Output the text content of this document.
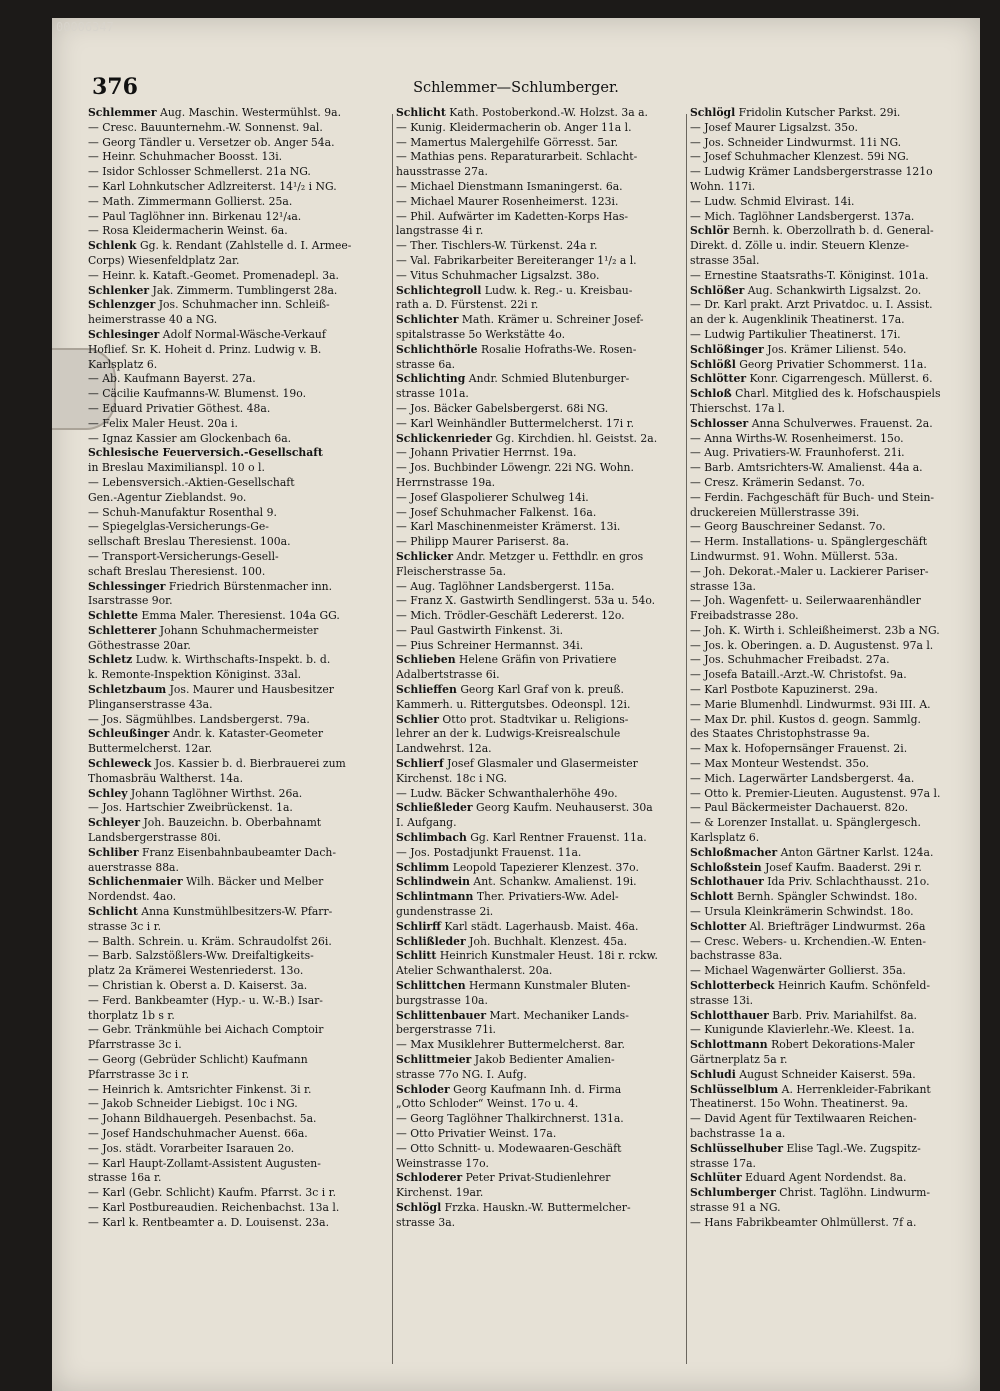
00006347
376	Schlemmer—Schlumberger.
Schlemmer Aug. Maschin. Westermühlst. 9a.
— Cresc. Bauunternehm.-W. Sonnenst. 9al.
— Georg Tändler u. Versetzer ob. Anger 54a.
— Heinr. Schuhmacher Boosst. 13i.
— Isidor Schlosser Schmellerst. 21a NG.
— Karl Lohnkutscher Adlzreiterst. 14¹/₂ i NG.
— Math. Zimmermann Gollierst. 25a.
— Paul Taglöhner inn. Birkenau 12¹/₄a.
— Rosa Kleidermacherin Weinst. 6a.
Schlenk Gg. k. Rendant (Zahlstelle d. I. Armee-
Corps) Wiesenfeldplatz 2ar.
— Heinr. k. Kataft.-Geomet. Promenadepl. 3a.
Schlenker Jak. Zimmerm. Tumblingerst 28a.
Schlenzger Jos. Schuhmacher inn. Schleiß-
heimerstrasse 40 a NG.
Schlesinger Adolf Normal-Wäsche-Verkauf
Hoflief. Sr. K. Hoheit d. Prinz. Ludwig v. B.
Karlsplatz 6.
— Ab. Kaufmann Bayerst. 27a.
— Cäcilie Kaufmanns-W. Blumenst. 19o.
— Eduard Privatier Göthest. 48a.
— Felix Maler Heust. 20a i.
— Ignaz Kassier am Glockenbach 6a.
Schlesische Feuerversich.-Gesellschaft
in Breslau Maximilianspl. 10 o l.
— Lebensversich.-Aktien-Gesellschaft
Gen.-Agentur Zieblandst. 9o.
— Schuh-Manufaktur Rosenthal 9.
— Spiegelglas-Versicherungs-Ge-
sellschaft Breslau Theresienst. 100a.
— Transport-Versicherungs-Gesell-
schaft Breslau Theresienst. 100.
Schlessinger Friedrich Bürstenmacher inn.
Isarstrasse 9or.
Schlette Emma Maler. Theresienst. 104a GG.
Schletterer Johann Schuhmachermeister
Göthestrasse 20ar.
Schletz Ludw. k. Wirthschafts-Inspekt. b. d.
k. Remonte-Inspektion Königinst. 33al.
Schletzbaum Jos. Maurer und Hausbesitzer
Plinganserstrasse 43a.
— Jos. Sägmühlbes. Landsbergerst. 79a.
Schleußinger Andr. k. Kataster-Geometer
Buttermelcherst. 12ar.
Schleweck Jos. Kassier b. d. Bierbrauerei zum
Thomasbräu Waltherst. 14a.
Schley Johann Taglöhner Wirthst. 26a.
— Jos. Hartschier Zweibrückenst. 1a.
Schleyer Joh. Bauzeichn. b. Oberbahnamt
Landsbergerstrasse 80i.
Schliber Franz Eisenbahnbaubeamter Dach-
auerstrasse 88a.
Schlichenmaier Wilh. Bäcker und Melber
Nordendst. 4ao.
Schlicht Anna Kunstmühlbesitzers-W. Pfarr-
strasse 3c i r.
— Balth. Schrein. u. Kräm. Schraudolfst 26i.
— Barb. Salzstößlers-Ww. Dreifaltigkeits-
platz 2a Krämerei Westenriederst. 13o.
— Christian k. Oberst a. D. Kaiserst. 3a.
— Ferd. Bankbeamter (Hyp.- u. W.-B.) Isar-
thorplatz 1b s r.
— Gebr. Tränkmühle bei Aichach Comptoir
Pfarrstrasse 3c i.
— Georg (Gebrüder Schlicht) Kaufmann
Pfarrstrasse 3c i r.
— Heinrich k. Amtsrichter Finkenst. 3i r.
— Jakob Schneider Liebigst. 10c i NG.
— Johann Bildhauergeh. Pesenbachst. 5a.
— Josef Handschuhmacher Auenst. 66a.
— Jos. städt. Vorarbeiter Isarauen 2o.
— Karl Haupt-Zollamt-Assistent Augusten-
strasse 16a r.
— Karl (Gebr. Schlicht) Kaufm. Pfarrst. 3c i r.
— Karl Postbureaudien. Reichenbachst. 13a l.
— Karl k. Rentbeamter a. D. Louisenst. 23a.
Schlicht Kath. Postoberkond.-W. Holzst. 3a a.
— Kunig. Kleidermacherin ob. Anger 11a l.
— Mamertus Malergehilfe Görresst. 5ar.
— Mathias pens. Reparaturarbeit. Schlacht-
hausstrasse 27a.
— Michael Dienstmann Ismaningerst. 6a.
— Michael Maurer Rosenheimerst. 123i.
— Phil. Aufwärter im Kadetten-Korps Has-
langstrasse 4i r.
— Ther. Tischlers-W. Türkenst. 24a r.
— Val. Fabrikarbeiter Bereiteranger 1¹/₂ a l.
— Vitus Schuhmacher Ligsalzst. 38o.
Schlichtegroll Ludw. k. Reg.- u. Kreisbau-
rath a. D. Fürstenst. 22i r.
Schlichter Math. Krämer u. Schreiner Josef-
spitalstrasse 5o Werkstätte 4o.
Schlichthörle Rosalie Hofraths-We. Rosen-
strasse 6a.
Schlichting Andr. Schmied Blutenburger-
strasse 101a.
— Jos. Bäcker Gabelsbergerst. 68i NG.
— Karl Weinhändler Buttermelcherst. 17i r.
Schlickenrieder Gg. Kirchdien. hl. Geistst. 2a.
— Johann Privatier Herrnst. 19a.
— Jos. Buchbinder Löwengr. 22i NG. Wohn.
Herrnstrasse 19a.
— Josef Glaspolierer Schulweg 14i.
— Josef Schuhmacher Falkenst. 16a.
— Karl Maschinenmeister Krämerst. 13i.
— Philipp Maurer Pariserst. 8a.
Schlicker Andr. Metzger u. Fetthdlr. en gros
Fleischerstrasse 5a.
— Aug. Taglöhner Landsbergerst. 115a.
— Franz X. Gastwirth Sendlingerst. 53a u. 54o.
— Mich. Trödler-Geschäft Ledererst. 12o.
— Paul Gastwirth Finkenst. 3i.
— Pius Schreiner Hermannst. 34i.
Schlieben Helene Gräfin von Privatiere
Adalbertstrasse 6i.
Schlieffen Georg Karl Graf von k. preuß.
Kammerh. u. Rittergutsbes. Odeonspl. 12i.
Schlier Otto prot. Stadtvikar u. Religions-
lehrer an der k. Ludwigs-Kreisrealschule
Landwehrst. 12a.
Schlierf Josef Glasmaler und Glasermeister
Kirchenst. 18c i NG.
— Ludw. Bäcker Schwanthalerhöhe 49o.
Schließleder Georg Kaufm. Neuhauserst. 30a
I. Aufgang.
Schlimbach Gg. Karl Rentner Frauenst. 11a.
— Jos. Postadjunkt Frauenst. 11a.
Schlimm Leopold Tapezierer Klenzest. 37o.
Schlindwein Ant. Schankw. Amalienst. 19i.
Schlintmann Ther. Privatiers-Ww. Adel-
gundenstrasse 2i.
Schlirff Karl städt. Lagerhausb. Maist. 46a.
Schlißleder Joh. Buchhalt. Klenzest. 45a.
Schlitt Heinrich Kunstmaler Heust. 18i r. rckw.
Atelier Schwanthalerst. 20a.
Schlittchen Hermann Kunstmaler Bluten-
burgstrasse 10a.
Schlittenbauer Mart. Mechaniker Lands-
bergerstrasse 71i.
— Max Musiklehrer Buttermelcherst. 8ar.
Schlittmeier Jakob Bedienter Amalien-
strasse 77o NG. I. Aufg.
Schloder Georg Kaufmann Inh. d. Firma
„Otto Schloder“ Weinst. 17o u. 4.
— Georg Taglöhner Thalkirchnerst. 131a.
— Otto Privatier Weinst. 17a.
— Otto Schnitt- u. Modewaaren-Geschäft
Weinstrasse 17o.
Schloderer Peter Privat-Studienlehrer
Kirchenst. 19ar.
Schlögl Frzka. Hauskn.-W. Buttermelcher-
strasse 3a.
Schlögl Fridolin Kutscher Parkst. 29i.
— Josef Maurer Ligsalzst. 35o.
— Jos. Schneider Lindwurmst. 11i NG.
— Josef Schuhmacher Klenzest. 59i NG.
— Ludwig Krämer Landsbergerstrasse 121o
Wohn. 117i.
— Ludw. Schmid Elvirast. 14i.
— Mich. Taglöhner Landsbergerst. 137a.
Schlör Bernh. k. Oberzollrath b. d. General-
Direkt. d. Zölle u. indir. Steuern Klenze-
strasse 35al.
— Ernestine Staatsraths-T. Königinst. 101a.
Schlößer Aug. Schankwirth Ligsalzst. 2o.
— Dr. Karl prakt. Arzt Privatdoc. u. I. Assist.
an der k. Augenklinik Theatinerst. 17a.
— Ludwig Partikulier Theatinerst. 17i.
Schlößinger Jos. Krämer Lilienst. 54o.
Schlößl Georg Privatier Schommerst. 11a.
Schlötter Konr. Cigarrengesch. Müllerst. 6.
Schloß Charl. Mitglied des k. Hofschauspiels
Thierschst. 17a l.
Schlosser Anna Schulverwes. Frauenst. 2a.
— Anna Wirths-W. Rosenheimerst. 15o.
— Aug. Privatiers-W. Fraunhoferst. 21i.
— Barb. Amtsrichters-W. Amalienst. 44a a.
— Cresz. Krämerin Sedanst. 7o.
— Ferdin. Fachgeschäft für Buch- und Stein-
druckereien Müllerstrasse 39i.
— Georg Bauschreiner Sedanst. 7o.
— Herm. Installations- u. Spänglergeschäft
Lindwurmst. 91. Wohn. Müllerst. 53a.
— Joh. Dekorat.-Maler u. Lackierer Pariser-
strasse 13a.
— Joh. Wagenfett- u. Seilerwaarenhändler
Freibadstrasse 28o.
— Joh. K. Wirth i. Schleißheimerst. 23b a NG.
— Jos. k. Oberingen. a. D. Augustenst. 97a l.
— Jos. Schuhmacher Freibadst. 27a.
— Josefa Bataill.-Arzt.-W. Christofst. 9a.
— Karl Postbote Kapuzinerst. 29a.
— Marie Blumenhdl. Lindwurmst. 93i III. A.
— Max Dr. phil. Kustos d. geogn. Sammlg.
des Staates Christophstrasse 9a.
— Max k. Hofopernsänger Frauenst. 2i.
— Max Monteur Westendst. 35o.
— Mich. Lagerwärter Landsbergerst. 4a.
— Otto k. Premier-Lieuten. Augustenst. 97a l.
— Paul Bäckermeister Dachauerst. 82o.
— & Lorenzer Installat. u. Spänglergesch.
Karlsplatz 6.
Schloßmacher Anton Gärtner Karlst. 124a.
Schloßstein Josef Kaufm. Baaderst. 29i r.
Schlothauer Ida Priv. Schlachthausst. 21o.
Schlott Bernh. Spängler Schwindst. 18o.
— Ursula Kleinkrämerin Schwindst. 18o.
Schlotter Al. Briefträger Lindwurmst. 26a
— Cresc. Webers- u. Krchendien.-W. Enten-
bachstrasse 83a.
— Michael Wagenwärter Gollierst. 35a.
Schlotterbeck Heinrich Kaufm. Schönfeld-
strasse 13i.
Schlotthauer Barb. Priv. Mariahilfst. 8a.
— Kunigunde Klavierlehr.-We. Kleest. 1a.
Schlottmann Robert Dekorations-Maler
Gärtnerplatz 5a r.
Schludi August Schneider Kaiserst. 59a.
Schlüsselblum A. Herrenkleider-Fabrikant
Theatinerst. 15o Wohn. Theatinerst. 9a.
— David Agent für Textilwaaren Reichen-
bachstrasse 1a a.
Schlüsselhuber Elise Tagl.-We. Zugspitz-
strasse 17a.
Schlüter Eduard Agent Nordendst. 8a.
Schlumberger Christ. Taglöhn. Lindwurm-
strasse 91 a NG.
— Hans Fabrikbeamter Ohlmüllerst. 7f a.
